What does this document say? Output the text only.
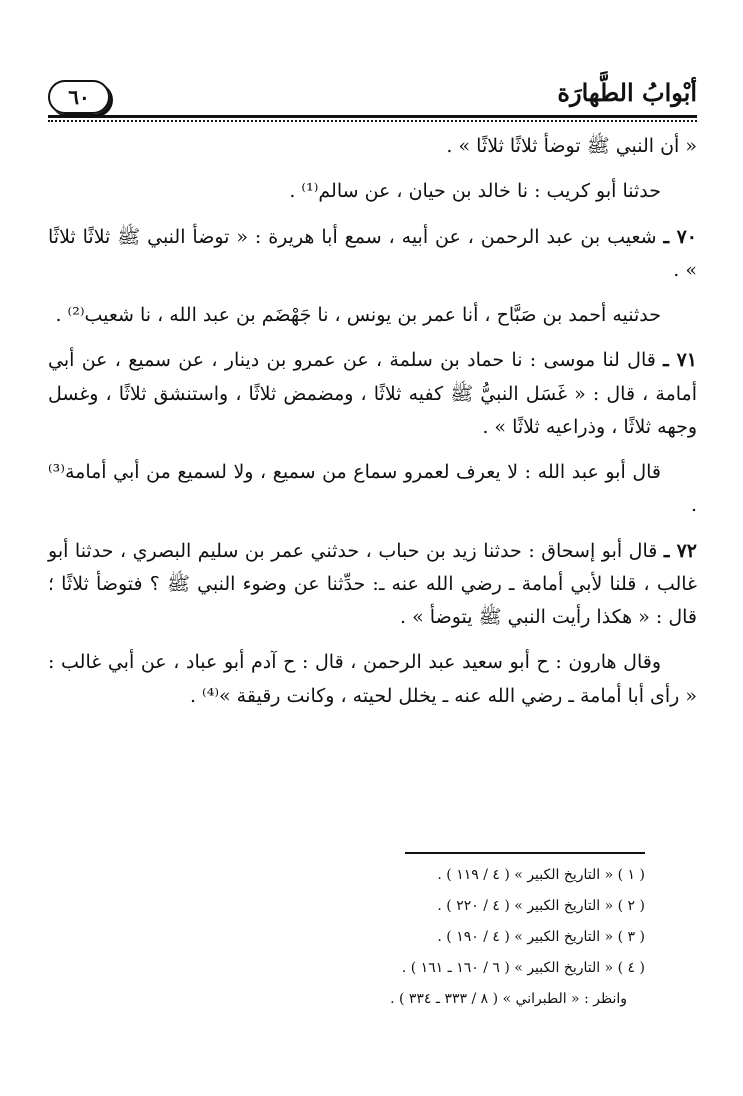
أبْوابُ الطَّهارَة
٦٠

« أن النبي ﷺ توضأ ثلاثًا ثلاثًا » .

حدثنا أبو كريب : نا خالد بن حيان ، عن سالم⁽¹⁾ .

٧٠ ـ شعيب بن عبد الرحمن ، عن أبيه ، سمع أبا هريرة : « توضأ النبي ﷺ ثلاثًا ثلاثًا » .

حدثنيه أحمد بن صَبَّاح ، أنا عمر بن يونس ، نا جَهْضَم بن عبد الله ، نا شعيب⁽²⁾ .

٧١ ـ قال لنا موسى : نا حماد بن سلمة ، عن عمرو بن دينار ، عن سميع ، عن أبي أمامة ، قال : « غَسَل النبيُّ ﷺ كفيه ثلاثًا ، ومضمض ثلاثًا ، واستنشق ثلاثًا ، وغسل وجهه ثلاثًا ، وذراعيه ثلاثًا » .

قال أبو عبد الله : لا يعرف لعمرو سماع من سميع ، ولا لسميع من أبي أمامة⁽³⁾ .

٧٢ ـ قال أبو إسحاق : حدثنا زيد بن حباب ، حدثني عمر بن سليم البصري ، حدثنا أبو غالب ، قلنا لأبي أمامة ـ رضي الله عنه ـ: حدِّثنا عن وضوء النبي ﷺ ؟ فتوضأ ثلاثًا ؛ قال : « هكذا رأيت النبي ﷺ يتوضأ » .

وقال هارون : ح أبو سعيد عبد الرحمن ، قال : ح آدم أبو عباد ، عن أبي غالب : « رأى أبا أمامة ـ رضي الله عنه ـ يخلل لحيته ، وكانت رقيقة »⁽⁴⁾ .

( ١ ) « التاريخ الكبير » ( ٤ / ١١٩ ) .
( ٢ ) « التاريخ الكبير » ( ٤ / ٢٢٠ ) .
( ٣ ) « التاريخ الكبير » ( ٤ / ١٩٠ ) .
( ٤ ) « التاريخ الكبير » ( ٦ / ١٦٠ ـ ١٦١ ) .
وانظر : « الطبراني » ( ٨ / ٣٣٣ ـ ٣٣٤ ) .
